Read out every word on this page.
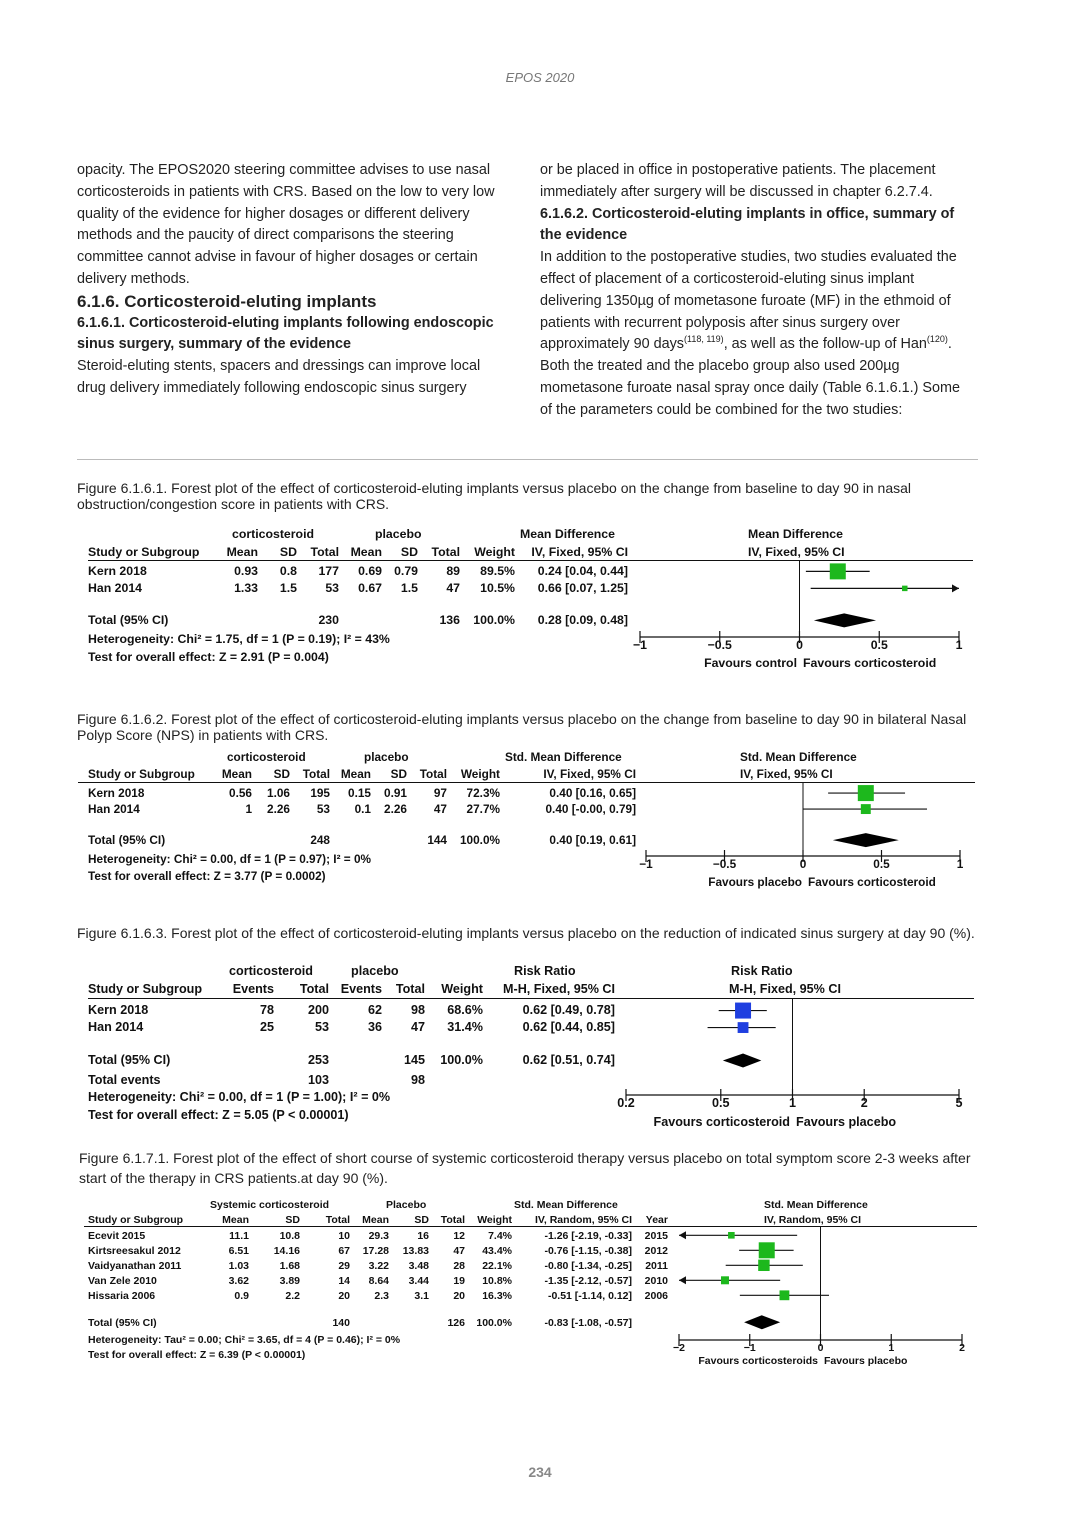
EPOS 2020

opacity. The EPOS2020 steering committee advises to use nasal corticosteroids in patients with CRS. Based on the low to very low quality of the evidence for higher dosages or different delivery methods and the paucity of direct comparisons the steering committee cannot advise in favour of higher dosages or certain delivery methods.

6.1.6. Corticosteroid-eluting implants

6.1.6.1. Corticosteroid-eluting implants following endoscopic sinus surgery, summary of the evidence

Steroid-eluting stents, spacers and dressings can improve local drug delivery immediately following endoscopic sinus surgery

or be placed in office in postoperative patients. The placement immediately after surgery will be discussed in chapter 6.2.7.4.

6.1.6.2. Corticosteroid-eluting implants in office, summary of the evidence

In addition to the postoperative studies, two studies evaluated the effect of placement of a corticosteroid-eluting sinus implant delivering 1350µg of mometasone furoate (MF) in the ethmoid of patients with recurrent polyposis after sinus surgery over approximately 90 days$^{(118, 119)}$, as well as the follow-up of Han$^{(120)}$. Both the treated and the placebo group also used 200µg mometasone furoate nasal spray once daily (Table 6.1.6.1.) Some of the parameters could be combined for the two studies:

Figure 6.1.6.1. Forest plot of the effect of corticosteroid-eluting implants versus placebo on the change from baseline to day 90 in nasal obstruction/congestion score in patients with CRS.
Figure 6.1.6.2. Forest plot of the effect of corticosteroid-eluting implants versus placebo on the change from baseline to day 90 in bilateral Nasal Polyp Score (NPS) in patients with CRS.
Figure 6.1.6.3. Forest plot of the effect of corticosteroid-eluting implants versus placebo on the reduction of indicated sinus surgery at day 90 (%).
Figure 6.1.7.1. Forest plot of the effect of short course of systemic corticosteroid therapy versus placebo on total symptom score 2-3 weeks after start of the therapy in CRS patients.at day 90 (%).
corticosteroid	placebo	Mean Difference	Mean Difference
IV, Fixed, 95% CI
Study or Subgroup	Mean	SD	Total Mean	SD	Total	Weight	IV, Fixed, 95% CI
Kern 2018	0.93	0.8	177	0.69 0.79	89	89.5%	0.24 [0.04, 0.44]
Han 2014	1.33	1.5	53	0.67	1.5	47	10.5%	0.66 [0.07, 1.25]
Total (95% CI)	230	136	100.0%	0.28 [0.09, 0.48]
Heterogeneity: Chi² = 1.75, df = 1 (P = 0.19); I² = 43%
Test for overall effect: Z = 2.91 (P = 0.004)
−1	−0.5	0	0.5	1
Favours control Favours corticosteroid
corticosteroid	placebo	Std. Mean Difference	Std. Mean Difference
IV, Fixed, 95% CI
Study or Subgroup	Mean	SD	Total Mean	SD	Total	Weight	IV, Fixed, 95% CI
Kern 2018	0.56	1.06	195	0.15	0.91	97	72.3%	0.40 [0.16, 0.65]
Han 2014	1	2.26	53	0.1	2.26	47	27.7%	0.40 [-0.00, 0.79]
Total (95% CI)	248	144	100.0%	0.40 [0.19, 0.61]
Heterogeneity: Chi² = 0.00, df = 1 (P = 0.97); I² = 0%
Test for overall effect: Z = 3.77 (P = 0.0002)
−1	−0.5	0	0.5	1
Favours placebo Favours corticosteroid
corticosteroid	placebo	Risk Ratio	Risk Ratio
M-H, Fixed, 95% CI
Study or Subgroup	Events	Total Events	Total	Weight	M-H, Fixed, 95% CI
Kern 2018	78	200	62	98	68.6%	0.62 [0.49, 0.78]
Han 2014	25	53	36	47	31.4%	0.62 [0.44, 0.85]
Total (95% CI)	253	145	100.0%	0.62 [0.51, 0.74]
Total events	103	98
Heterogeneity: Chi² = 0.00, df = 1 (P = 1.00); I² = 0%
Test for overall effect: Z = 5.05 (P < 0.00001)
0.2	0.5	1	2	5
Favours corticosteroid Favours placebo
Systemic corticosteroid	Placebo	Std. Mean Difference	Std. Mean Difference
IV, Random, 95% CI
Study or Subgroup	Mean	SD	Total	Mean	SD	Total	Weight	IV, Random, 95% CI	Year
Ecevit 2015	11.1	10.8	10	29.3	16	12	7.4%	-1.26 [-2.19, -0.33]	2015
Kirtsreesakul 2012	6.51	14.16	67	17.28	13.83	47	43.4%	-0.76 [-1.15, -0.38]	2012
Vaidyanathan 2011	1.03	1.68	29	3.22	3.48	28	22.1%	-0.80 [-1.34, -0.25]	2011
Van Zele 2010	3.62	3.89	14	8.64	3.44	19	10.8%	-1.35 [-2.12, -0.57]	2010
Hissaria 2006	0.9	2.2	20	2.3	3.1	20	16.3%	-0.51 [-1.14, 0.12]	2006
Total (95% CI)	140	126	100.0%	-0.83 [-1.08, -0.57]
Heterogeneity: Tau² = 0.00; Chi² = 3.65, df = 4 (P = 0.46); I² = 0%
Test for overall effect: Z = 6.39 (P < 0.00001)
−2	−1	0	1	2
Favours corticosteroids Favours placebo
234
